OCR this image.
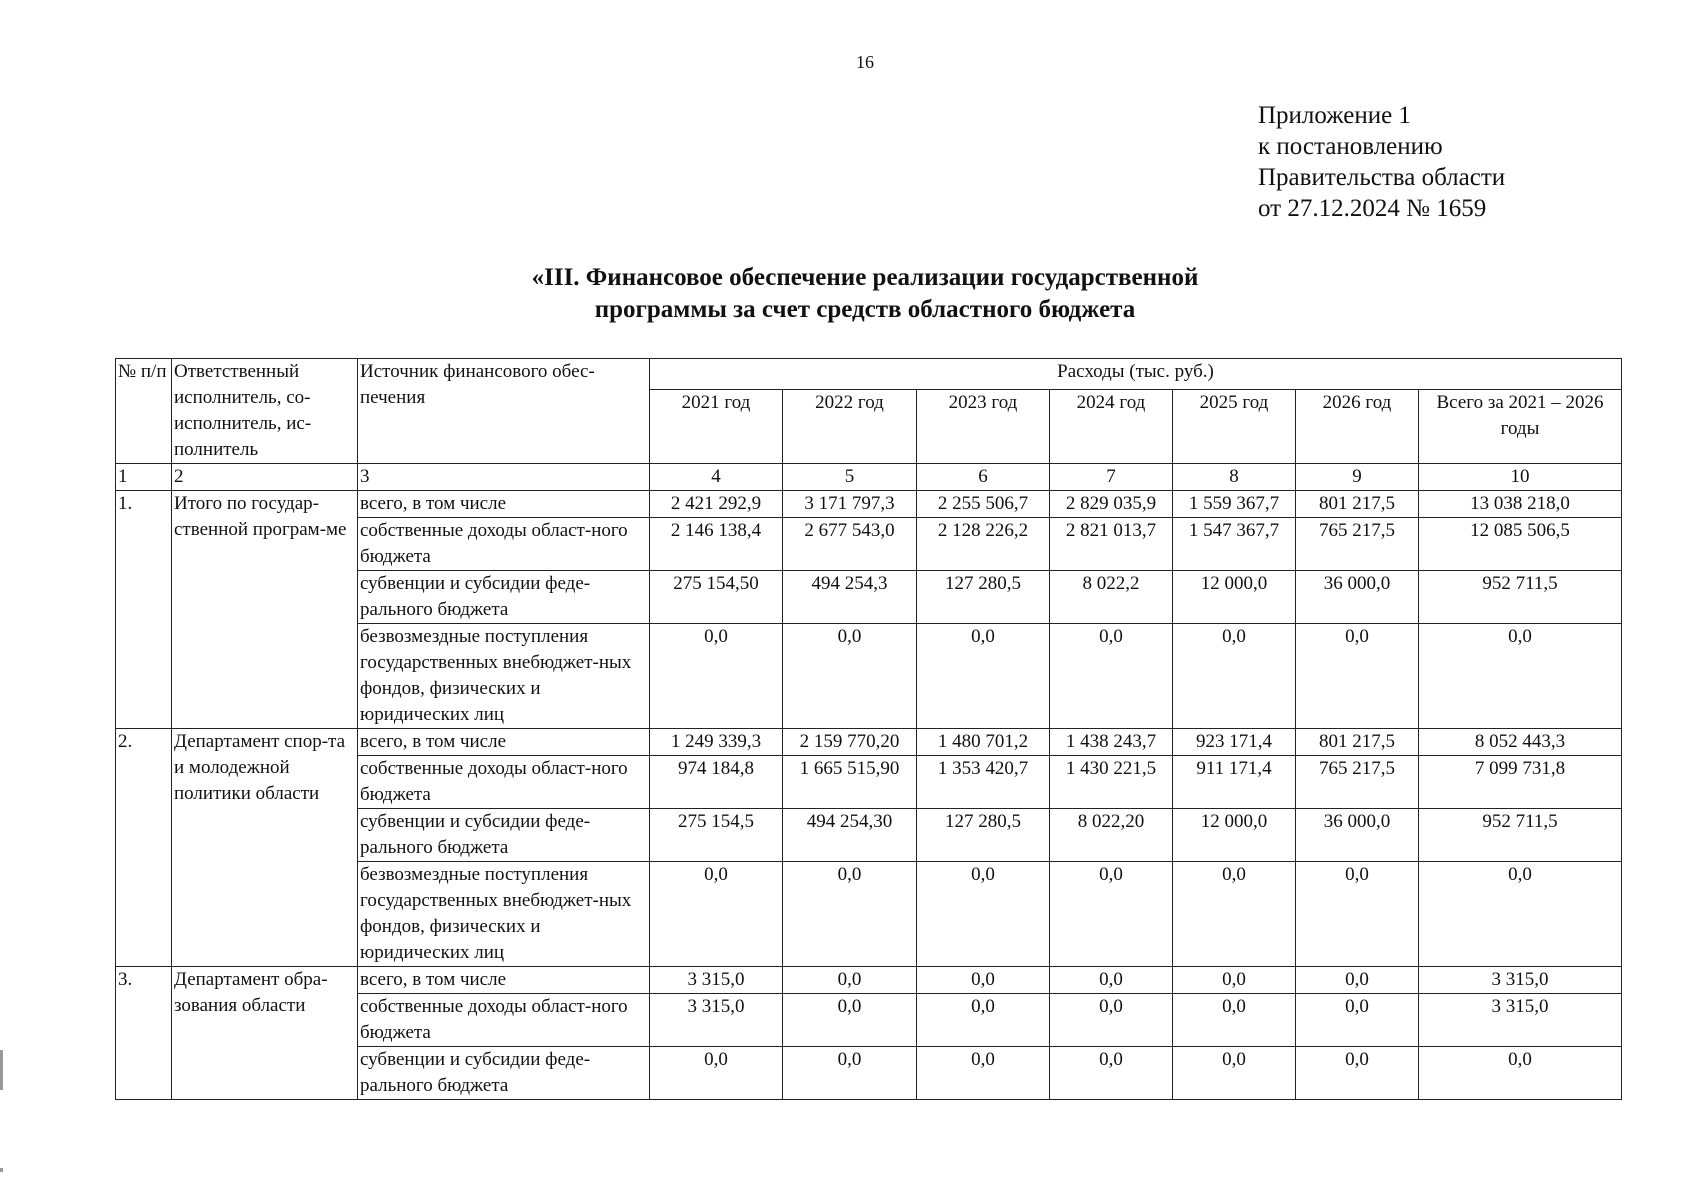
16
Приложение 1
к постановлению
Правительства области
от 27.12.2024 № 1659
«III. Финансовое обеспечение реализации государственной
программы за счет средств областного бюджета
№ п/п	Ответственный исполнитель, со-исполнитель, ис-полнитель	Источник финансового обес-печения	Расходы (тыс. руб.)						
			2021 год	2022 год	2023 год	2024 год	2025 год	2026 год	Всего за 2021 – 2026 годы
1	2	3	4	5	6	7	8	9	10
1.	Итого по государ-ственной програм-ме	всего, в том числе	2 421 292,9	3 171 797,3	2 255 506,7	2 829 035,9	1 559 367,7	801 217,5	13 038 218,0
		собственные доходы област-ного бюджета	2 146 138,4	2 677 543,0	2 128 226,2	2 821 013,7	1 547 367,7	765 217,5	12 085 506,5
		субвенции и субсидии феде-рального бюджета	275 154,50	494 254,3	127 280,5	8 022,2	12 000,0	36 000,0	952 711,5
		безвозмездные поступления государственных внебюджет-ных фондов, физических и юридических лиц	0,0	0,0	0,0	0,0	0,0	0,0	0,0
2.	Департамент спор-та и молодежной политики области	всего, в том числе	1 249 339,3	2 159 770,20	1 480 701,2	1 438 243,7	923 171,4	801 217,5	8 052 443,3
		собственные доходы област-ного бюджета	974 184,8	1 665 515,90	1 353 420,7	1 430 221,5	911 171,4	765 217,5	7 099 731,8
		субвенции и субсидии феде-рального бюджета	275 154,5	494 254,30	127 280,5	8 022,20	12 000,0	36 000,0	952 711,5
		безвозмездные поступления государственных внебюджет-ных фондов, физических и юридических лиц	0,0	0,0	0,0	0,0	0,0	0,0	0,0
3.	Департамент обра-зования области	всего, в том числе	3 315,0	0,0	0,0	0,0	0,0	0,0	3 315,0
		собственные доходы област-ного бюджета	3 315,0	0,0	0,0	0,0	0,0	0,0	3 315,0
		субвенции и субсидии феде-рального бюджета	0,0	0,0	0,0	0,0	0,0	0,0	0,0
